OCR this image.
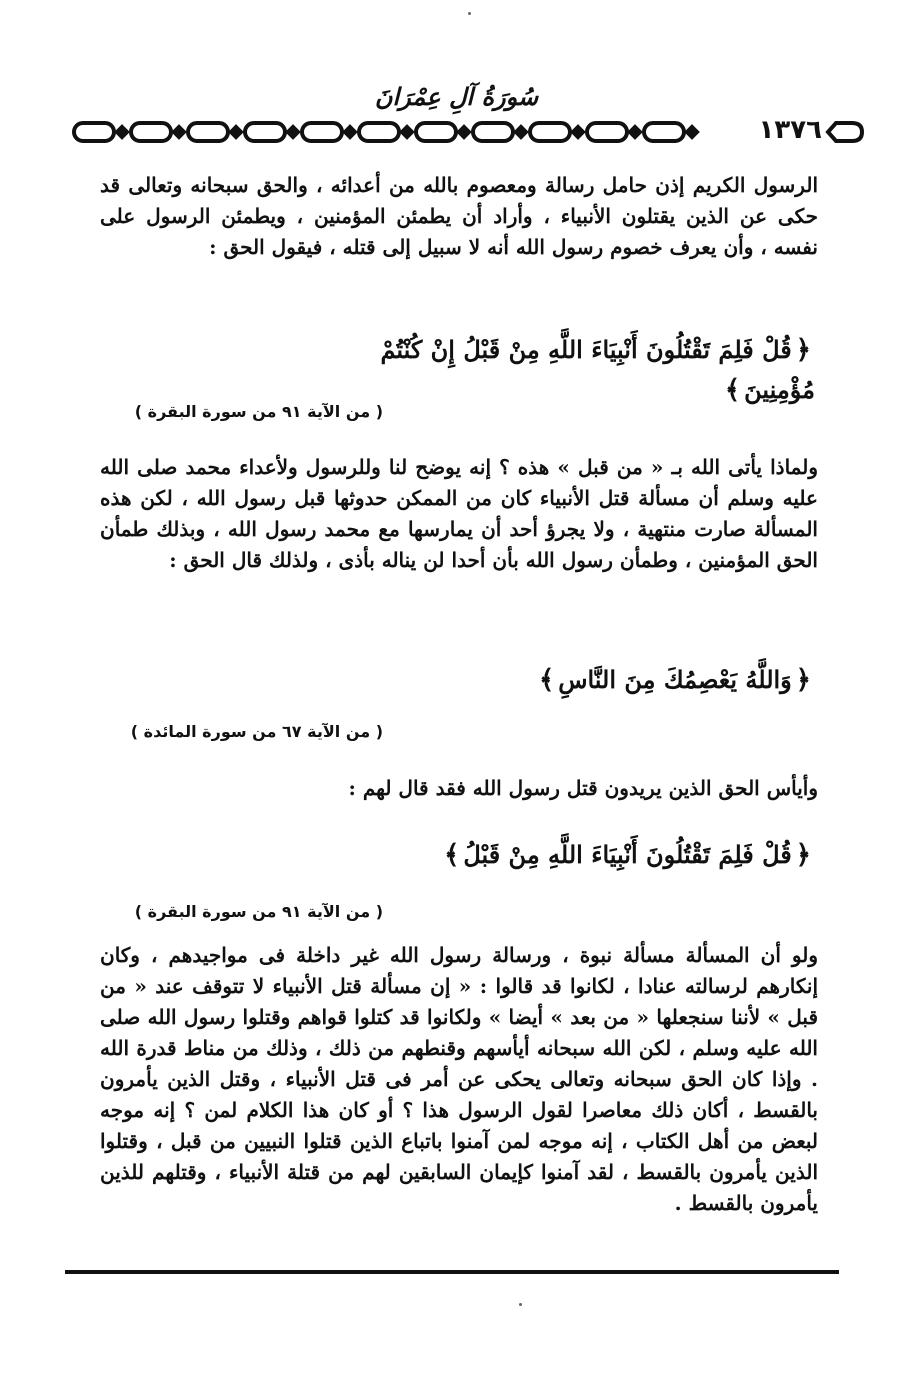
سُورَةُ آلِ عِمْرَانَ
١٣٧٦
الرسول الكريم إذن حامل رسالة ومعصوم بالله من أعدائه ، والحق سبحانه وتعالى قد حكى عن الذين يقتلون الأنبياء ، وأراد أن يطمئن المؤمنين ، ويطمئن الرسول على نفسه ، وأن يعرف خصوم رسول الله أنه لا سبيل إلى قتله ، فيقول الحق :
﴿قُلْ فَلِمَ تَقْتُلُونَ أَنْبِيَاءَ اللَّهِ مِنْ قَبْلُ إِنْ كُنْتُمْ مُؤْمِنِينَ﴾
( من الآية ٩١ من سورة البقرة )
ولماذا يأتى الله بـ « من قبل » هذه ؟ إنه يوضح لنا وللرسول ولأعداء محمد صلى الله عليه وسلم أن مسألة قتل الأنبياء كان من الممكن حدوثها قبل رسول الله ، لكن هذه المسألة صارت منتهية ، ولا يجرؤ أحد أن يمارسها مع محمد رسول الله ، وبذلك طمأن الحق المؤمنين ، وطمأن رسول الله بأن أحدا لن يناله بأذى ، ولذلك قال الحق :
﴿وَاللَّهُ يَعْصِمُكَ مِنَ النَّاسِ﴾
( من الآية ٦٧ من سورة المائدة )
وأيأس الحق الذين يريدون قتل رسول الله فقد قال لهم :
﴿قُلْ فَلِمَ تَقْتُلُونَ أَنْبِيَاءَ اللَّهِ مِنْ قَبْلُ﴾
( من الآية ٩١ من سورة البقرة )
ولو أن المسألة مسألة نبوة ، ورسالة رسول الله غير داخلة فى مواجيدهم ، وكان إنكارهم لرسالته عنادا ، لكانوا قد قالوا : « إن مسألة قتل الأنبياء لا تتوقف عند « من قبل » لأننا سنجعلها « من بعد » أيضا » ولكانوا قد كتلوا قواهم وقتلوا رسول الله صلى الله عليه وسلم ، لكن الله سبحانه أيأسهم وقنطهم من ذلك ، وذلك من مناط قدرة الله . وإذا كان الحق سبحانه وتعالى يحكى عن أمر فى قتل الأنبياء ، وقتل الذين يأمرون بالقسط ، أكان ذلك معاصرا لقول الرسول هذا ؟ أو كان هذا الكلام لمن ؟ إنه موجه لبعض من أهل الكتاب ، إنه موجه لمن آمنوا باتباع الذين قتلوا النبيين من قبل ، وقتلوا الذين يأمرون بالقسط ، لقد آمنوا كإيمان السابقين لهم من قتلة الأنبياء ، وقتلهم للذين يأمرون بالقسط .
